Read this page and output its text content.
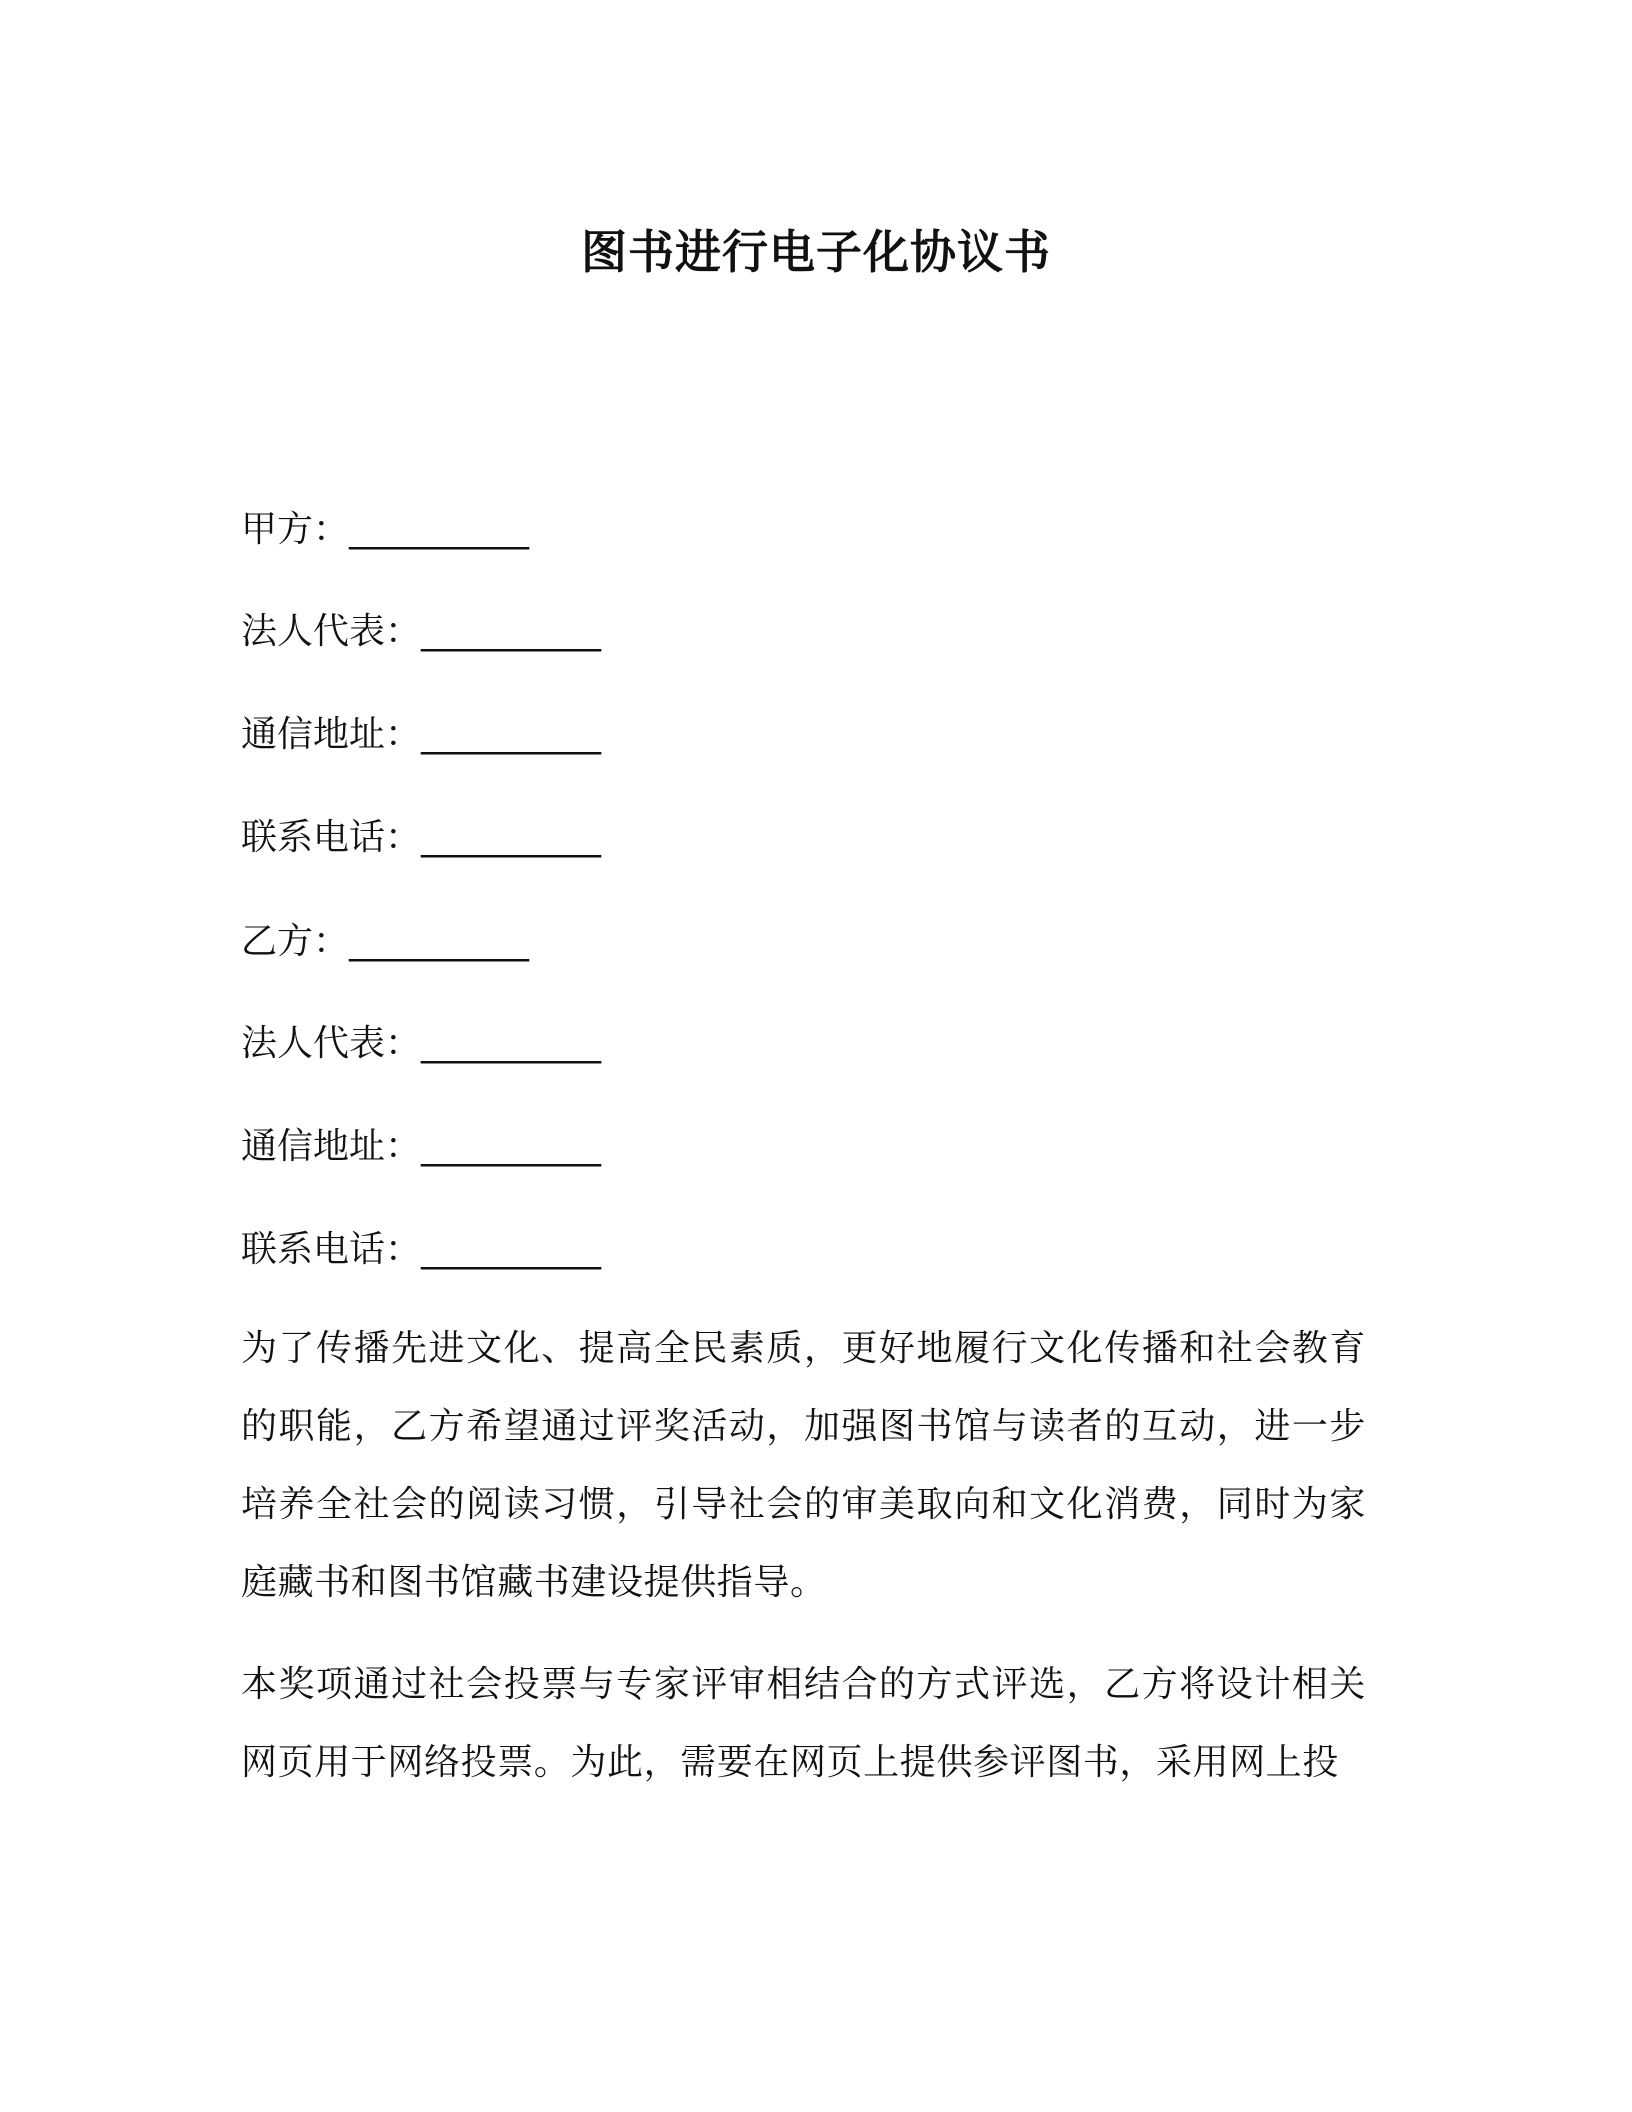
图书进行电子化协议书
甲方：__________
法人代表：__________
通信地址：__________
联系电话：__________
乙方：__________
法人代表：__________
通信地址：__________
联系电话：__________
为了传播先进文化、提高全民素质，更好地履行文化传播和社会教育的职能，乙方希望通过评奖活动，加强图书馆与读者的互动，进一步培养全社会的阅读习惯，引导社会的审美取向和文化消费，同时为家庭藏书和图书馆藏书建设提供指导。
本奖项通过社会投票与专家评审相结合的方式评选，乙方将设计相关网页用于网络投票。为此，需要在网页上提供参评图书，采用网上投
